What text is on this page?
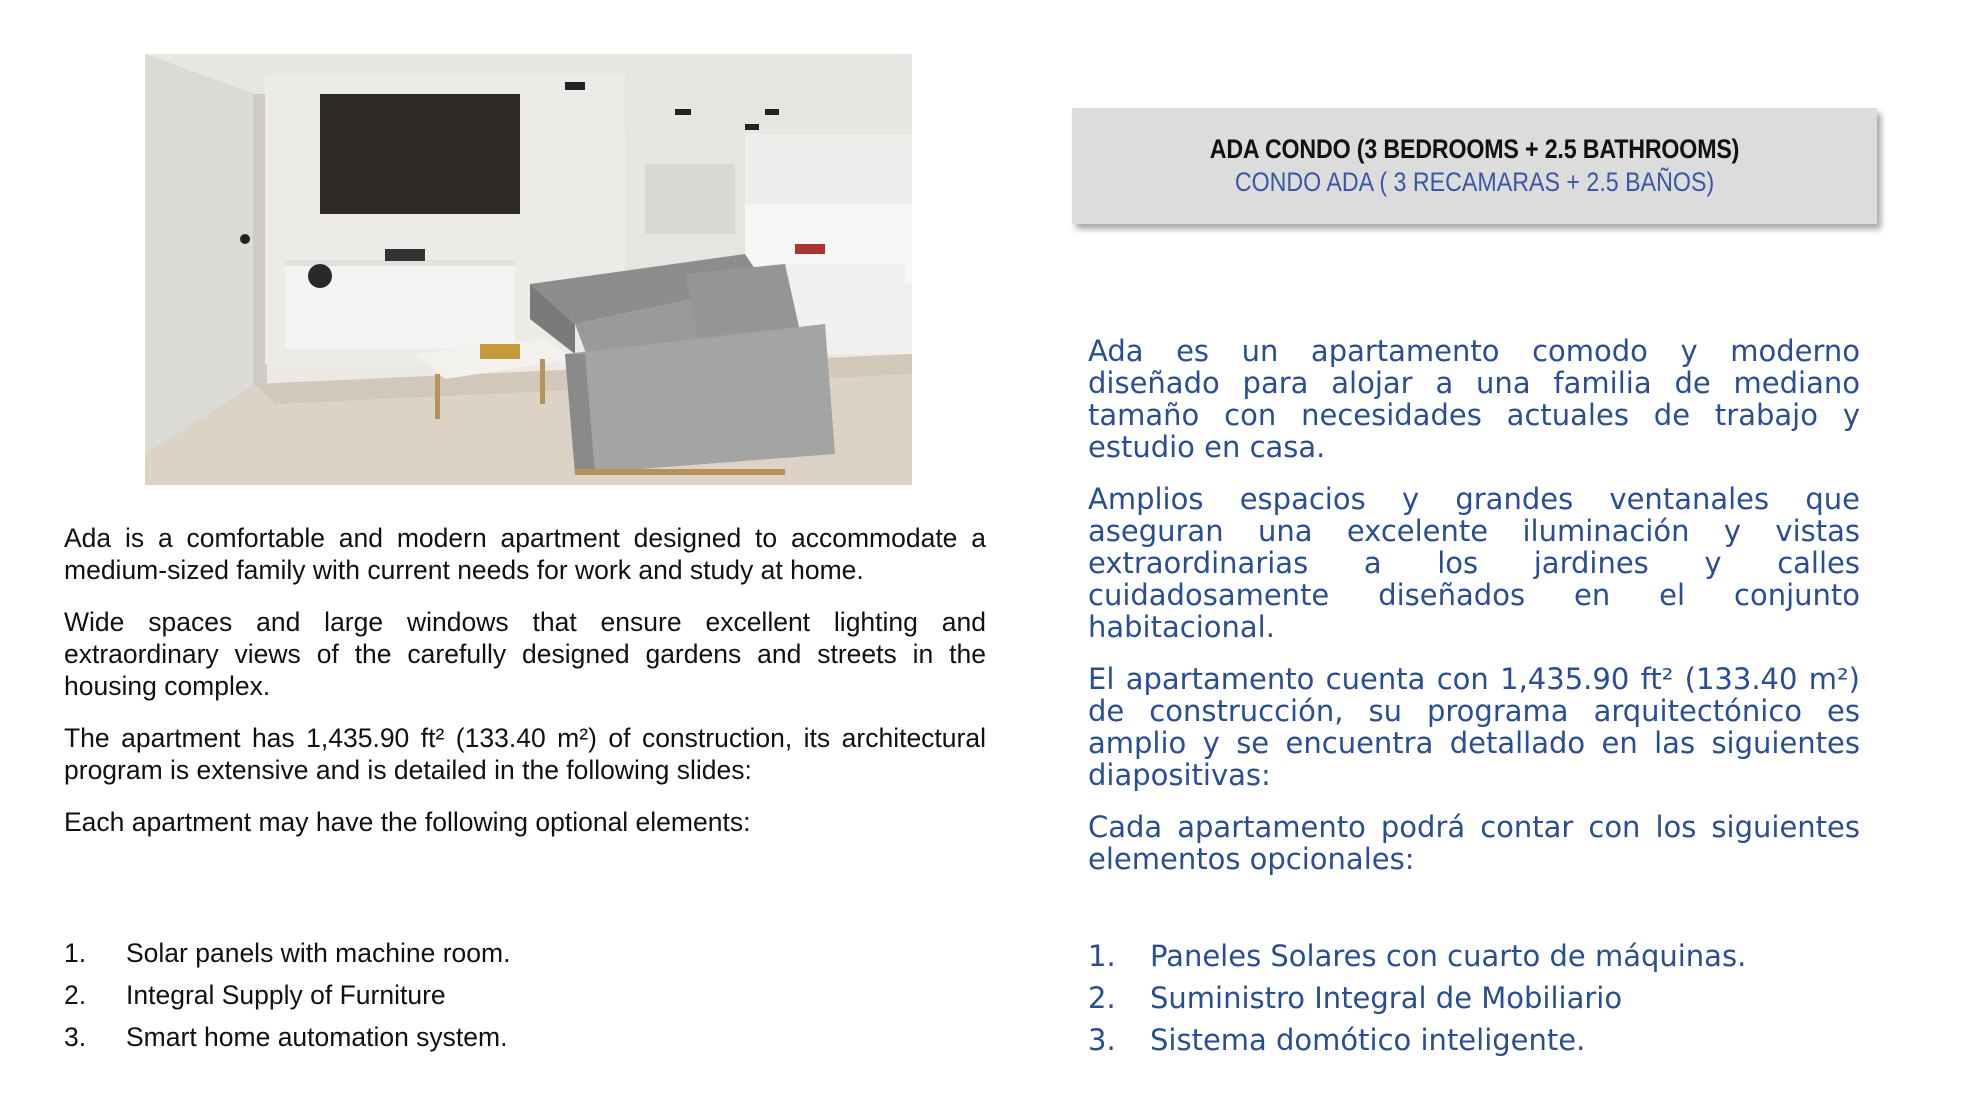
Ada is a comfortable and modern apartment designed to accommodate a medium-sized family with current needs for work and study at home.

Wide spaces and large windows that ensure excellent lighting and extraordinary views of the carefully designed gardens and streets in the housing complex.

The apartment has 1,435.90 ft² (133.40 m²) of construction, its architectural program is extensive and is detailed in the following slides:

Each apartment may have the following optional elements:

1.	Solar panels with machine room.
2.	Integral Supply of Furniture
3.	Smart home automation system.
ADA CONDO (3 BEDROOMS + 2.5 BATHROOMS)
CONDO ADA ( 3 RECAMARAS + 2.5 BAÑOS)

Ada es un apartamento comodo y moderno diseñado para alojar a una familia de mediano tamaño con necesidades actuales de trabajo y estudio en casa.

Amplios espacios y grandes ventanales que aseguran una excelente iluminación y vistas extraordinarias a los jardines y calles cuidadosamente diseñados en el conjunto habitacional.

El apartamento cuenta con 1,435.90 ft² (133.40 m²) de construcción, su programa arquitectónico es amplio y se encuentra detallado en las siguientes diapositivas:

Cada apartamento podrá contar con los siguientes elementos opcionales:

1.	Paneles Solares con cuarto de máquinas.
2.	Suministro Integral de Mobiliario
3.	Sistema domótico inteligente.
